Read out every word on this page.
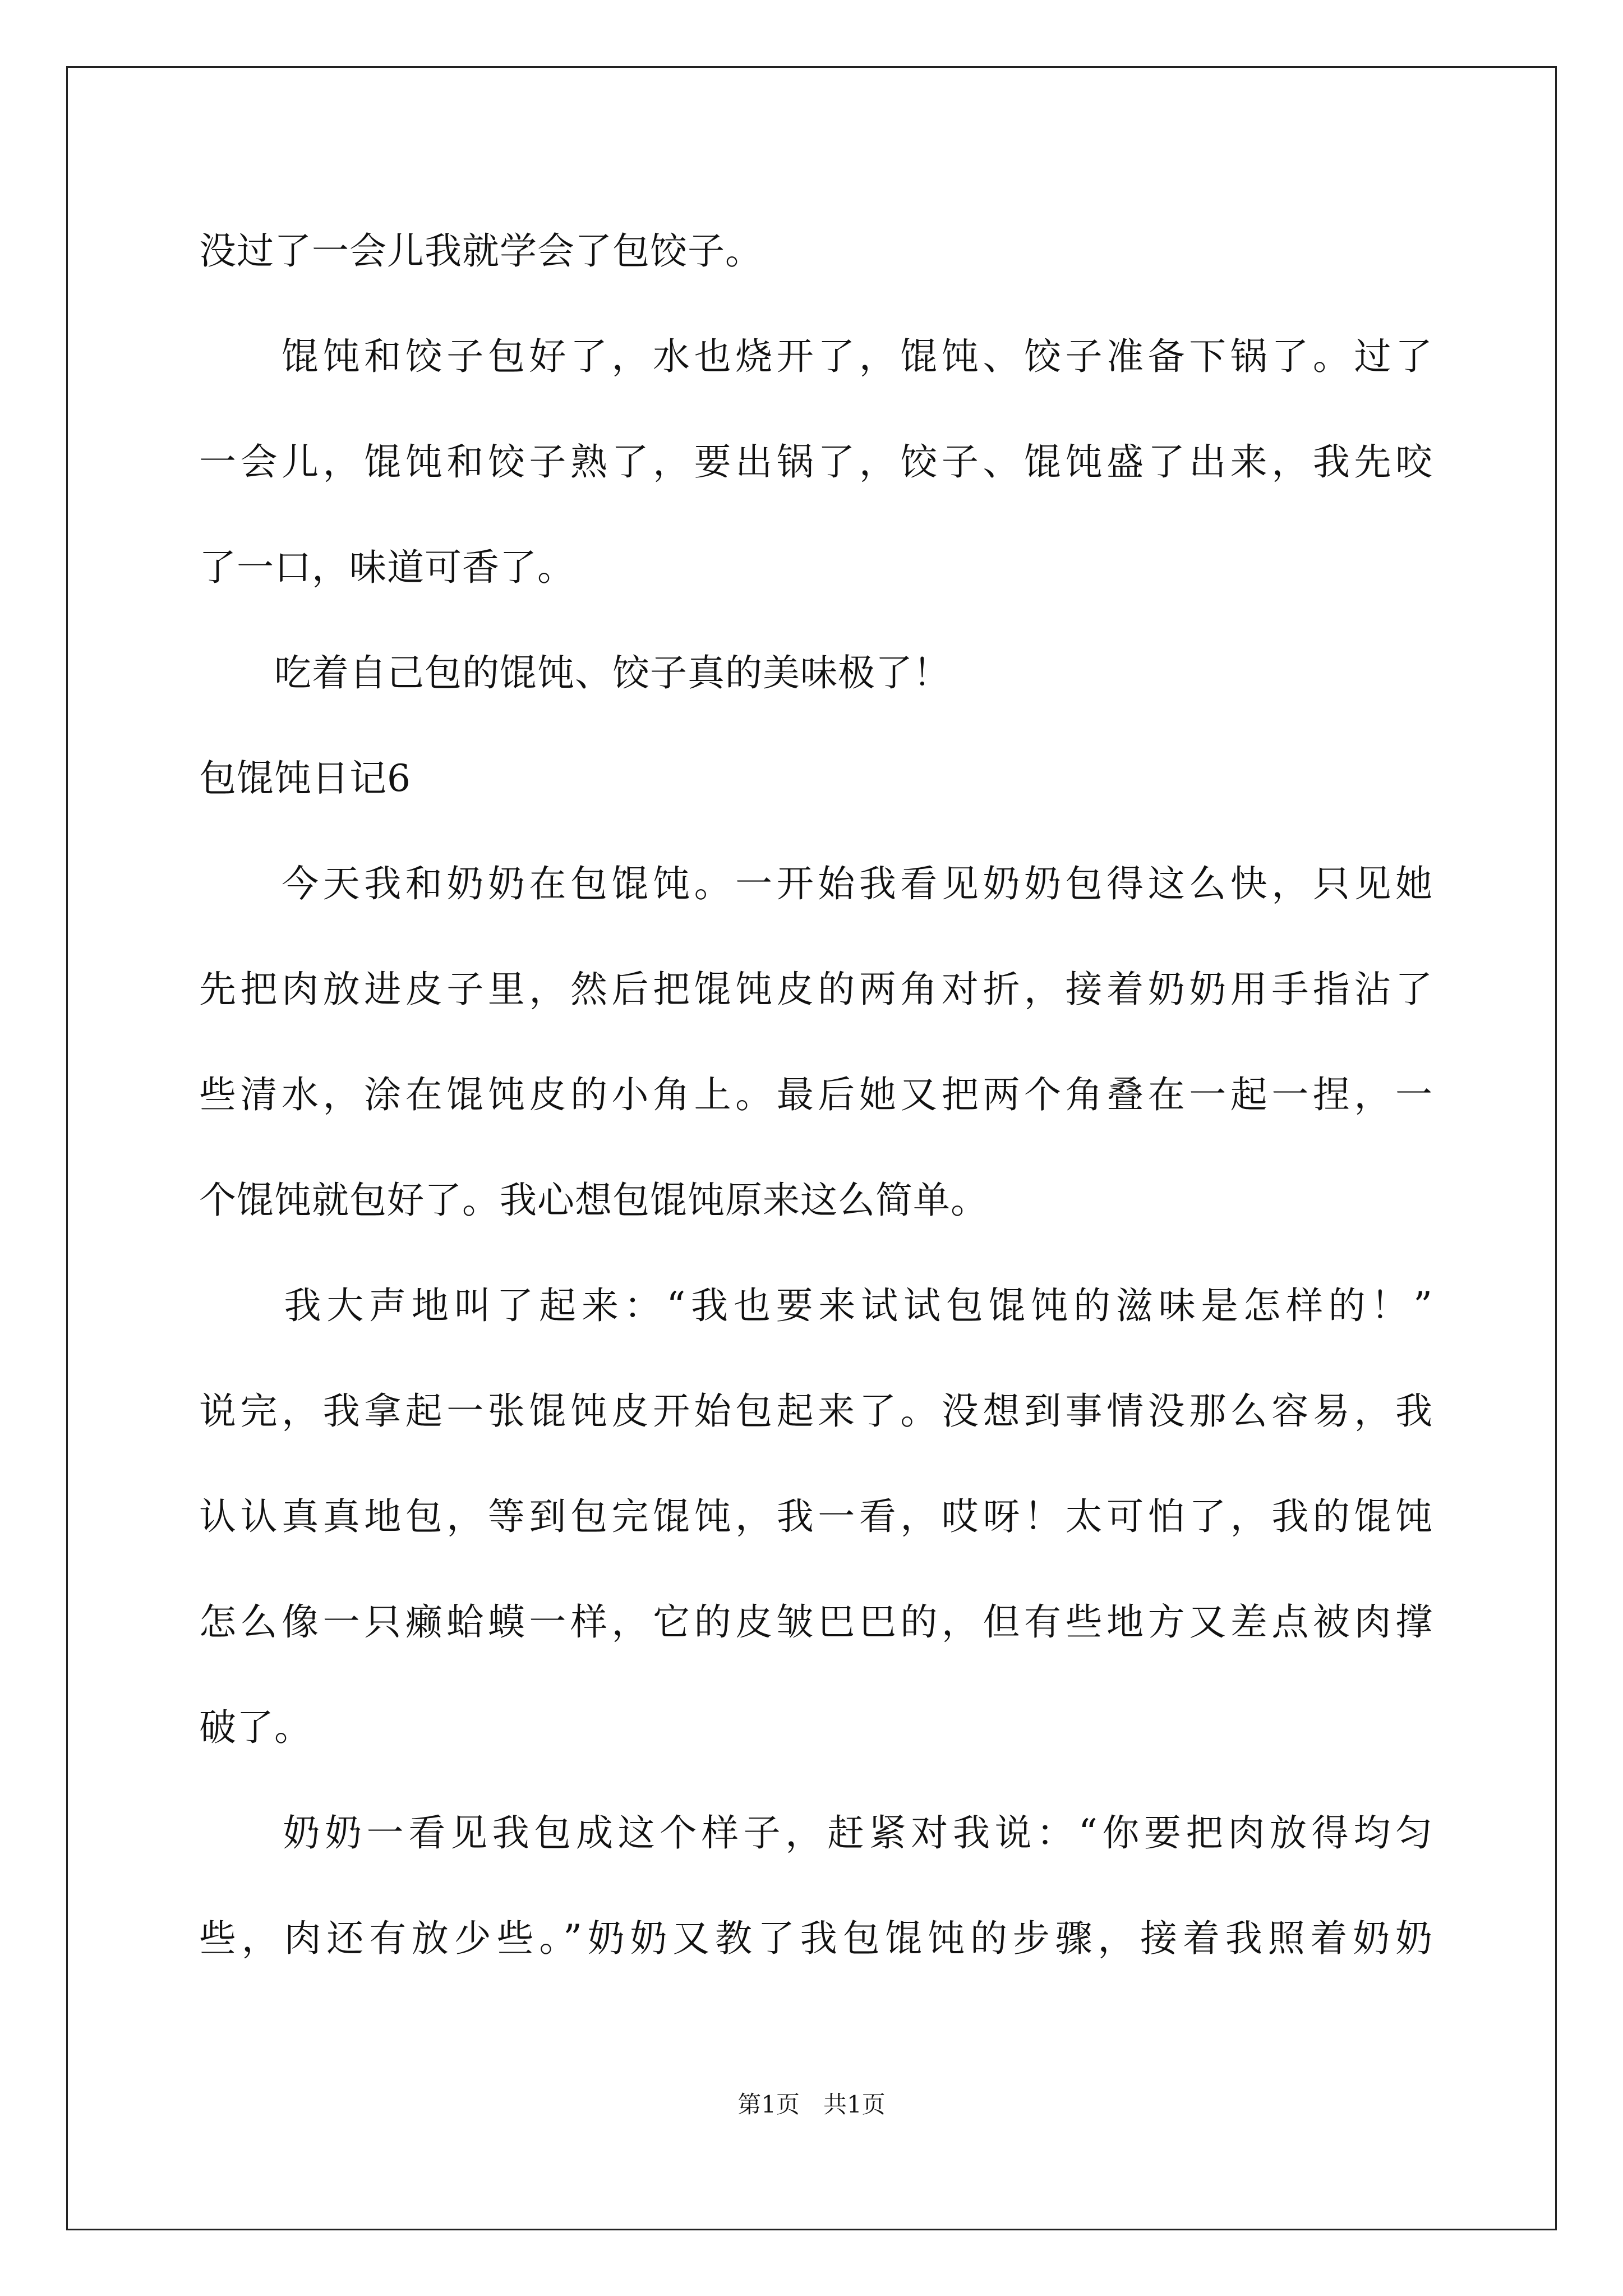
没过了一会儿我就学会了包饺子。
　　馄饨和饺子包好了，水也烧开了，馄饨、饺子准备下锅了。过了
一会儿，馄饨和饺子熟了，要出锅了，饺子、馄饨盛了出来，我先咬
了一口，味道可香了。
　　吃着自己包的馄饨、饺子真的美味极了！
包馄饨日记6
　　今天我和奶奶在包馄饨。一开始我看见奶奶包得这么快，只见她
先把肉放进皮子里，然后把馄饨皮的两角对折，接着奶奶用手指沾了
些清水，涂在馄饨皮的小角上。最后她又把两个角叠在一起一捏，一
个馄饨就包好了。我心想包馄饨原来这么简单。
　　我大声地叫了起来：“我也要来试试包馄饨的滋味是怎样的！”
说完，我拿起一张馄饨皮开始包起来了。没想到事情没那么容易，我
认认真真地包，等到包完馄饨，我一看，哎呀！太可怕了，我的馄饨
怎么像一只癞蛤蟆一样，它的皮皱巴巴的，但有些地方又差点被肉撑
破了。
　　奶奶一看见我包成这个样子，赶紧对我说：“你要把肉放得均匀
些，肉还有放少些。”奶奶又教了我包馄饨的步骤，接着我照着奶奶
第1页　共1页
